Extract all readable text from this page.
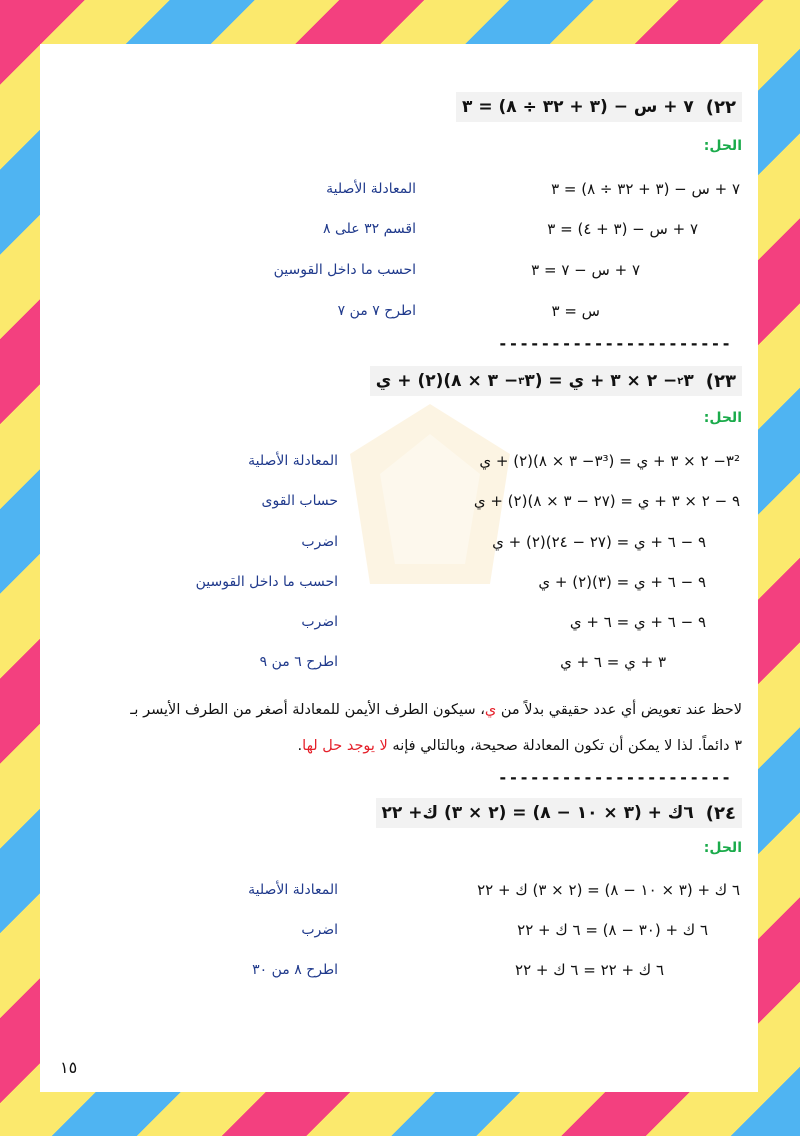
٢٢)
٧ + س − (٣ + ٣٢ ÷ ٨) = ٣
الحل:
٧ + س − (٣ + ٣٢ ÷ ٨) = ٣
المعادلة الأصلية
٧ + س − (٣ + ٤) = ٣
اقسم ٣٢ على ٨
٧ + س − ٧ = ٣
احسب ما داخل القوسين
س = ٣
اطرح ٧ من ٧
----------------------
٢٣)
٣
٢
− ٢ × ٣ + ي = (٣
٣
− ٣ × ٨)(٢) + ي
الحل:
٣²− ٢ × ٣ + ي = (٣³− ٣ × ٨)(٢) + ي
المعادلة الأصلية
٩ − ٢ × ٣ + ي = (٢٧ − ٣ × ٨)(٢) + ي
حساب القوى
٩ − ٦ + ي = (٢٧ − ٢٤)(٢) + ي
اضرب
٩ − ٦ + ي = (٣)(٢) + ي
احسب ما داخل القوسين
٩ − ٦ + ي = ٦ + ي
اضرب
٣ + ي = ٦ + ي
اطرح ٦ من ٩
لاحظ عند تعويض أي عدد حقيقي بدلاً من ي، سيكون الطرف الأيمن للمعادلة أصغر من الطرف الأيسر بـ
٣ دائماً. لذا لا يمكن أن تكون المعادلة صحيحة، وبالتالي فإنه لا يوجد حل لها.
----------------------
٢٤)
٦ك + (٣ × ١٠ − ٨) = (٢ × ٣) ك+ ٢٢
الحل:
٦ ك + (٣ × ١٠ − ٨) = (٢ × ٣) ك + ٢٢
المعادلة الأصلية
٦ ك + (٣٠ − ٨) = ٦ ك + ٢٢
اضرب
٦ ك + ٢٢ = ٦ ك + ٢٢
اطرح ٨ من ٣٠
١٥
